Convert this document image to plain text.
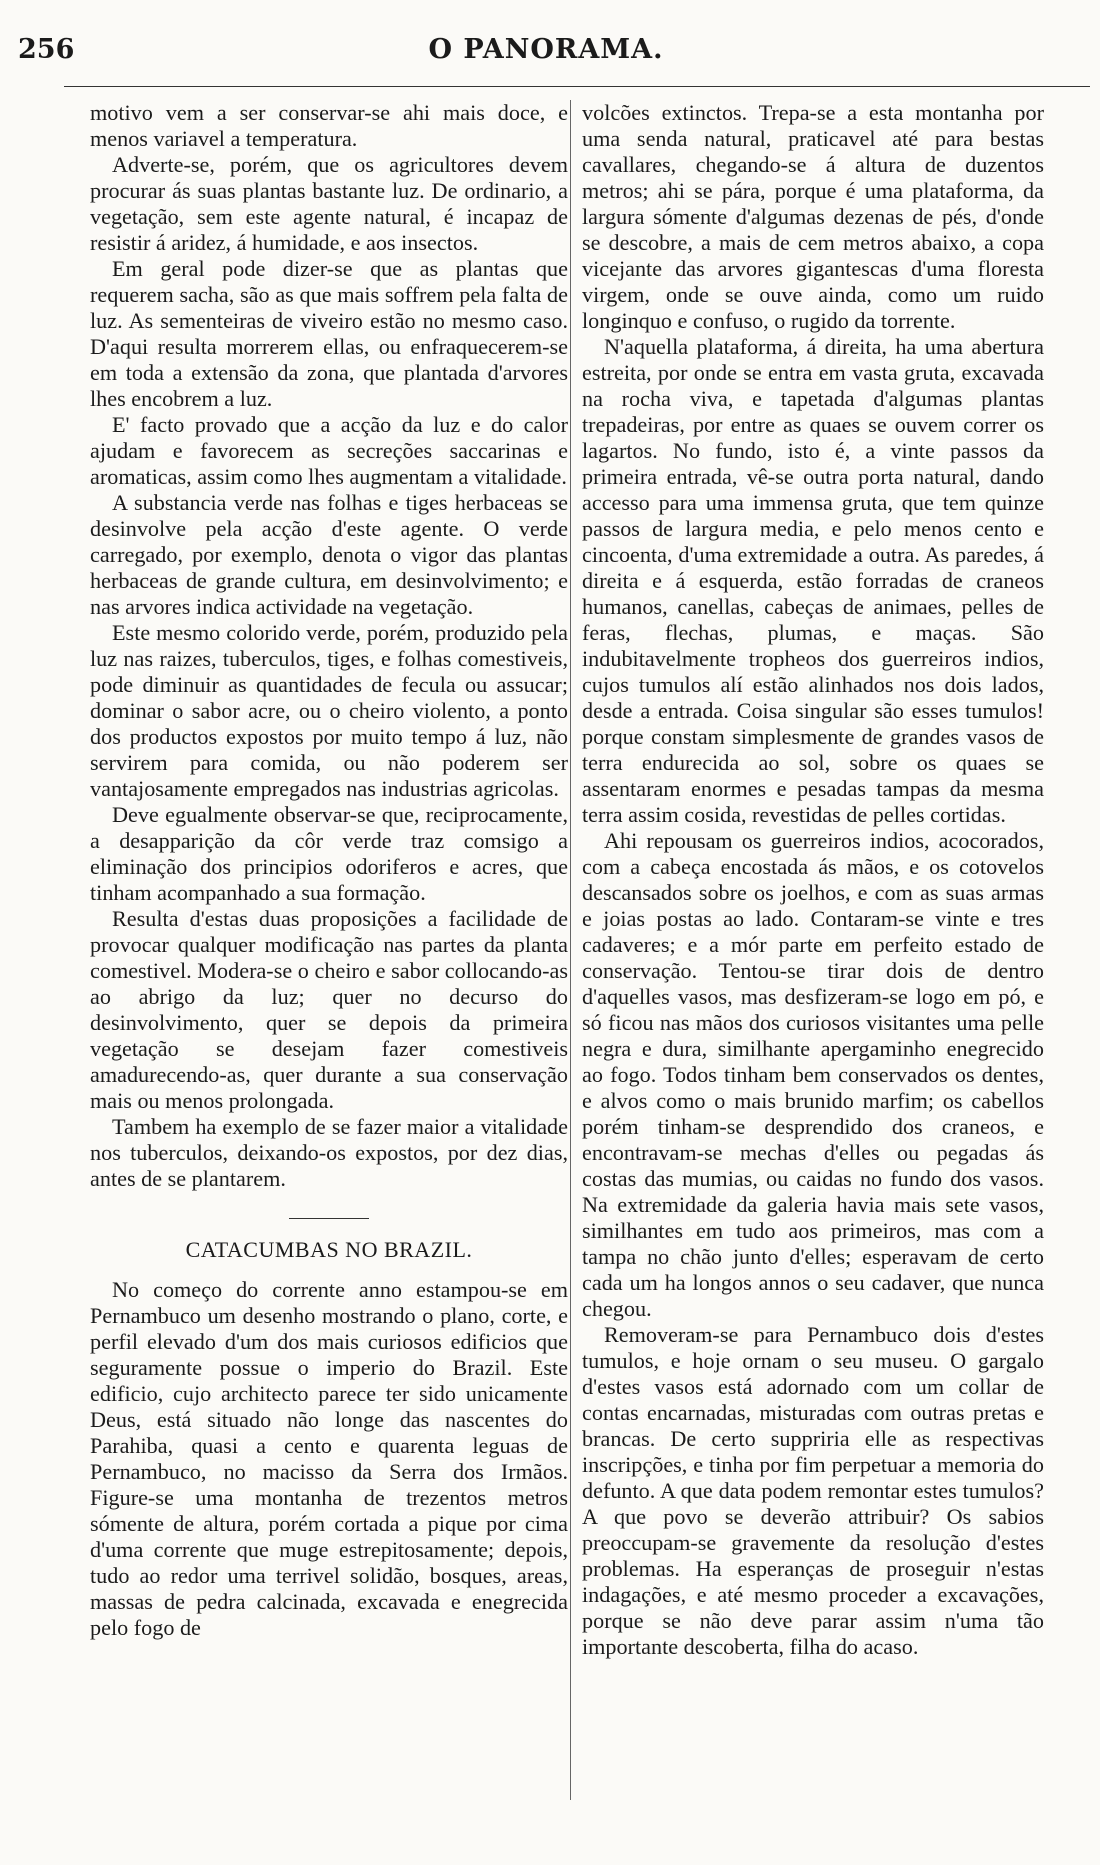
256	O PANORAMA.

motivo vem a ser conservar-se ahi mais doce, e menos variavel a temperatura.

Adverte-se, porém, que os agricultores devem procurar ás suas plantas bastante luz. De ordinario, a vegetação, sem este agente natural, é incapaz de resistir á aridez, á humidade, e aos insectos.

Em geral pode dizer-se que as plantas que requerem sacha, são as que mais soffrem pela falta de luz. As sementeiras de viveiro estão no mesmo caso. D'aqui resulta morrerem ellas, ou enfraquecerem-se em toda a extensão da zona, que plantada d'arvores lhes encobrem a luz.

E' facto provado que a acção da luz e do calor ajudam e favorecem as secreções saccarinas e aromaticas, assim como lhes augmentam a vitalidade.

A substancia verde nas folhas e tiges herbaceas se desinvolve pela acção d'este agente. O verde carregado, por exemplo, denota o vigor das plantas herbaceas de grande cultura, em desinvolvimento; e nas arvores indica actividade na vegetação.

Este mesmo colorido verde, porém, produzido pela luz nas raizes, tuberculos, tiges, e folhas comestiveis, pode diminuir as quantidades de fecula ou assucar; dominar o sabor acre, ou o cheiro violento, a ponto dos productos expostos por muito tempo á luz, não servirem para comida, ou não poderem ser vantajosamente empregados nas industrias agricolas.

Deve egualmente observar-se que, reciprocamente, a desapparição da côr verde traz comsigo a eliminação dos principios odoriferos e acres, que tinham acompanhado a sua formação.

Resulta d'estas duas proposições a facilidade de provocar qualquer modificação nas partes da planta comestivel. Modera-se o cheiro e sabor collocando-as ao abrigo da luz; quer no decurso do desinvolvimento, quer se depois da primeira vegetação se desejam fazer comestiveis amadurecendo-as, quer durante a sua conservação mais ou menos prolongada.

Tambem ha exemplo de se fazer maior a vitalidade nos tuberculos, deixando-os expostos, por dez dias, antes de se plantarem.

CATACUMBAS NO BRAZIL.

No começo do corrente anno estampou-se em Pernambuco um desenho mostrando o plano, corte, e perfil elevado d'um dos mais curiosos edificios que seguramente possue o imperio do Brazil. Este edificio, cujo architecto parece ter sido unicamente Deus, está situado não longe das nascentes do Parahiba, quasi a cento e quarenta leguas de Pernambuco, no macisso da Serra dos Irmãos. Figure-se uma montanha de trezentos metros sómente de altura, porém cortada a pique por cima d'uma corrente que muge estrepitosamente; depois, tudo ao redor uma terrivel solidão, bosques, areas, massas de pedra calcinada, excavada e enegrecida pelo fogo de

volcões extinctos. Trepa-se a esta montanha por uma senda natural, praticavel até para bestas cavallares, chegando-se á altura de duzentos metros; ahi se pára, porque é uma plataforma, da largura sómente d'algumas dezenas de pés, d'onde se descobre, a mais de cem metros abaixo, a copa vicejante das arvores gigantescas d'uma floresta virgem, onde se ouve ainda, como um ruido longinquo e confuso, o rugido da torrente.

N'aquella plataforma, á direita, ha uma abertura estreita, por onde se entra em vasta gruta, excavada na rocha viva, e tapetada d'algumas plantas trepadeiras, por entre as quaes se ouvem correr os lagartos. No fundo, isto é, a vinte passos da primeira entrada, vê-se outra porta natural, dando accesso para uma immensa gruta, que tem quinze passos de largura media, e pelo menos cento e cincoenta, d'uma extremidade a outra. As paredes, á direita e á esquerda, estão forradas de craneos humanos, canellas, cabeças de animaes, pelles de feras, flechas, plumas, e maças. São indubitavelmente tropheos dos guerreiros indios, cujos tumulos alí estão alinhados nos dois lados, desde a entrada. Coisa singular são esses tumulos! porque constam simplesmente de grandes vasos de terra endurecida ao sol, sobre os quaes se assentaram enormes e pesadas tampas da mesma terra assim cosida, revestidas de pelles cortidas.

Ahi repousam os guerreiros indios, acocorados, com a cabeça encostada ás mãos, e os cotovelos descansados sobre os joelhos, e com as suas armas e joias postas ao lado. Contaram-se vinte e tres cadaveres; e a mór parte em perfeito estado de conservação. Tentou-se tirar dois de dentro d'aquelles vasos, mas desfizeram-se logo em pó, e só ficou nas mãos dos curiosos visitantes uma pelle negra e dura, similhante apergaminho enegrecido ao fogo. Todos tinham bem conservados os dentes, e alvos como o mais brunido marfim; os cabellos porém tinham-se desprendido dos craneos, e encontravam-se mechas d'elles ou pegadas ás costas das mumias, ou caidas no fundo dos vasos. Na extremidade da galeria havia mais sete vasos, similhantes em tudo aos primeiros, mas com a tampa no chão junto d'elles; esperavam de certo cada um ha longos annos o seu cadaver, que nunca chegou.

Removeram-se para Pernambuco dois d'estes tumulos, e hoje ornam o seu museu. O gargalo d'estes vasos está adornado com um collar de contas encarnadas, misturadas com outras pretas e brancas. De certo suppriria elle as respectivas inscripções, e tinha por fim perpetuar a memoria do defunto. A que data podem remontar estes tumulos? A que povo se deverão attribuir? Os sabios preoccupam-se gravemente da resolução d'estes problemas. Ha esperanças de proseguir n'estas indagações, e até mesmo proceder a excavações, porque se não deve parar assim n'uma tão importante descoberta, filha do acaso.
